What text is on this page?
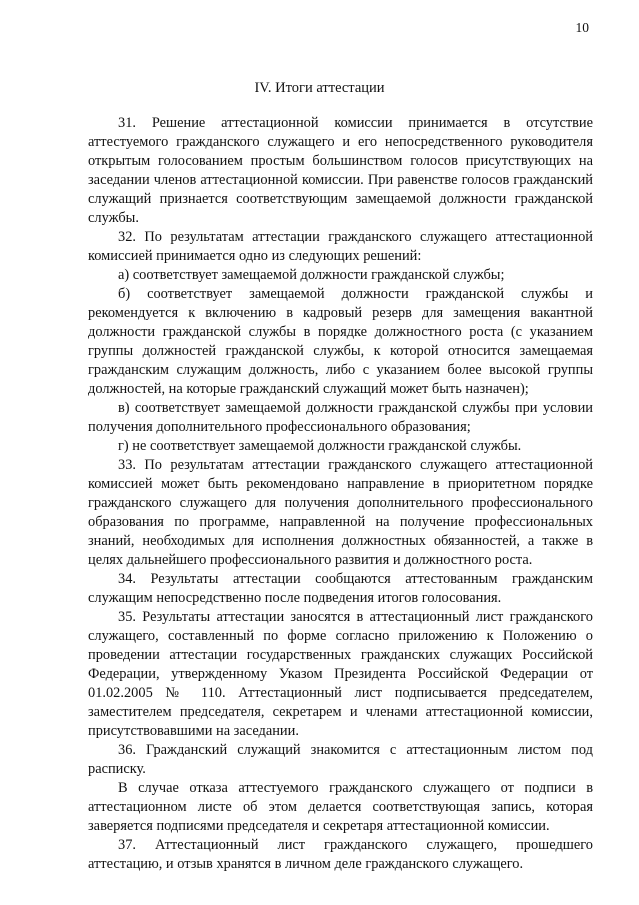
10
IV. Итоги аттестации

31. Решение аттестационной комиссии принимается в отсутствие аттестуемого гражданского служащего и его непосредственного руководителя открытым голосованием простым большинством голосов присутствующих на заседании членов аттестационной комиссии. При равенстве голосов гражданский служащий признается соответствующим замещаемой должности гражданской службы.

32. По результатам аттестации гражданского служащего аттестационной комиссией принимается одно из следующих решений:

а) соответствует замещаемой должности гражданской службы;

б) соответствует замещаемой должности гражданской службы и рекомендуется к включению в кадровый резерв для замещения вакантной должности гражданской службы в порядке должностного роста (с указанием группы должностей гражданской службы, к которой относится замещаемая гражданским служащим должность, либо с указанием более высокой группы должностей, на которые гражданский служащий может быть назначен);

в) соответствует замещаемой должности гражданской службы при условии получения дополнительного профессионального образования;

г) не соответствует замещаемой должности гражданской службы.

33. По результатам аттестации гражданского служащего аттестационной комиссией может быть рекомендовано направление в приоритетном порядке гражданского служащего для получения дополнительного профессионального образования по программе, направленной на получение профессиональных знаний, необходимых для исполнения должностных обязанностей, а также в целях дальнейшего профессионального развития и должностного роста.

34. Результаты аттестации сообщаются аттестованным гражданским служащим непосредственно после подведения итогов голосования.

35. Результаты аттестации заносятся в аттестационный лист гражданского служащего, составленный по форме согласно приложению к Положению о проведении аттестации государственных гражданских служащих Российской Федерации, утвержденному Указом Президента Российской Федерации от 01.02.2005 № 110. Аттестационный лист подписывается председателем, заместителем председателя, секретарем и членами аттестационной комиссии, присутствовавшими на заседании.

36. Гражданский служащий знакомится с аттестационным листом под расписку.

В случае отказа аттестуемого гражданского служащего от подписи в аттестационном листе об этом делается соответствующая запись, которая заверяется подписями председателя и секретаря аттестационной комиссии.

37. Аттестационный лист гражданского служащего, прошедшего аттестацию, и отзыв хранятся в личном деле гражданского служащего.
